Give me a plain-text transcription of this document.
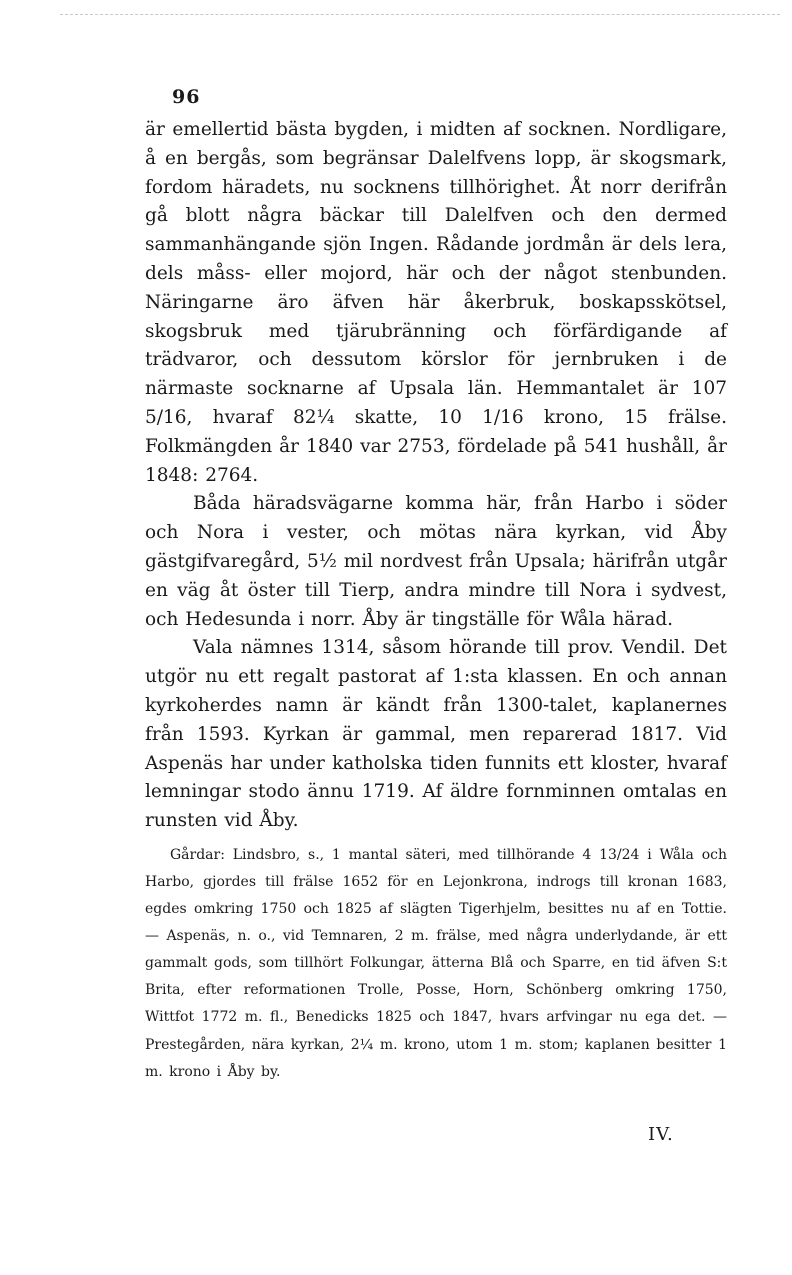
96

är emellertid bästa bygden, i midten af socknen. Nordligare, å en bergås, som begränsar Dalelfvens lopp, är skogsmark, fordom häradets, nu socknens tillhörighet. Åt norr derifrån gå blott några bäckar till Dalelfven och den dermed sammanhängande sjön Ingen. Rådande jordmån är dels lera, dels måss- eller mojord, här och der något stenbunden. Näringarne äro äfven här åkerbruk, boskapsskötsel, skogsbruk med tjärubränning och förfärdigande af trädvaror, och dessutom körslor för jernbruken i de närmaste socknarne af Upsala län. Hemmantalet är 107 5/16, hvaraf 82¼ skatte, 10 1/16 krono, 15 frälse. Folkmängden år 1840 var 2753, fördelade på 541 hushåll, år 1848: 2764.

Båda häradsvägarne komma här, från Harbo i söder och Nora i vester, och mötas nära kyrkan, vid Åby gästgifvaregård, 5½ mil nordvest från Upsala; härifrån utgår en väg åt öster till Tierp, andra mindre till Nora i sydvest, och Hedesunda i norr. Åby är tingställe för Wåla härad.

Vala nämnes 1314, såsom hörande till prov. Vendil. Det utgör nu ett regalt pastorat af 1:sta klassen. En och annan kyrkoherdes namn är kändt från 1300-talet, kaplanernes från 1593. Kyrkan är gammal, men reparerad 1817. Vid Aspenäs har under katholska tiden funnits ett kloster, hvaraf lemningar stodo ännu 1719. Af äldre fornminnen omtalas en runsten vid Åby.

Gårdar: Lindsbro, s., 1 mantal säteri, med tillhörande 4 13/24 i Wåla och Harbo, gjordes till frälse 1652 för en Lejonkrona, indrogs till kronan 1683, egdes omkring 1750 och 1825 af slägten Tigerhjelm, besittes nu af en Tottie. — Aspenäs, n. o., vid Temnaren, 2 m. frälse, med några underlydande, är ett gammalt gods, som tillhört Folkungar, ätterna Blå och Sparre, en tid äfven S:t Brita, efter reformationen Trolle, Posse, Horn, Schönberg omkring 1750, Wittfot 1772 m. fl., Benedicks 1825 och 1847, hvars arfvingar nu ega det. — Prestegården, nära kyrkan, 2¼ m. krono, utom 1 m. stom; kaplanen besitter 1 m. krono i Åby by.

IV.
